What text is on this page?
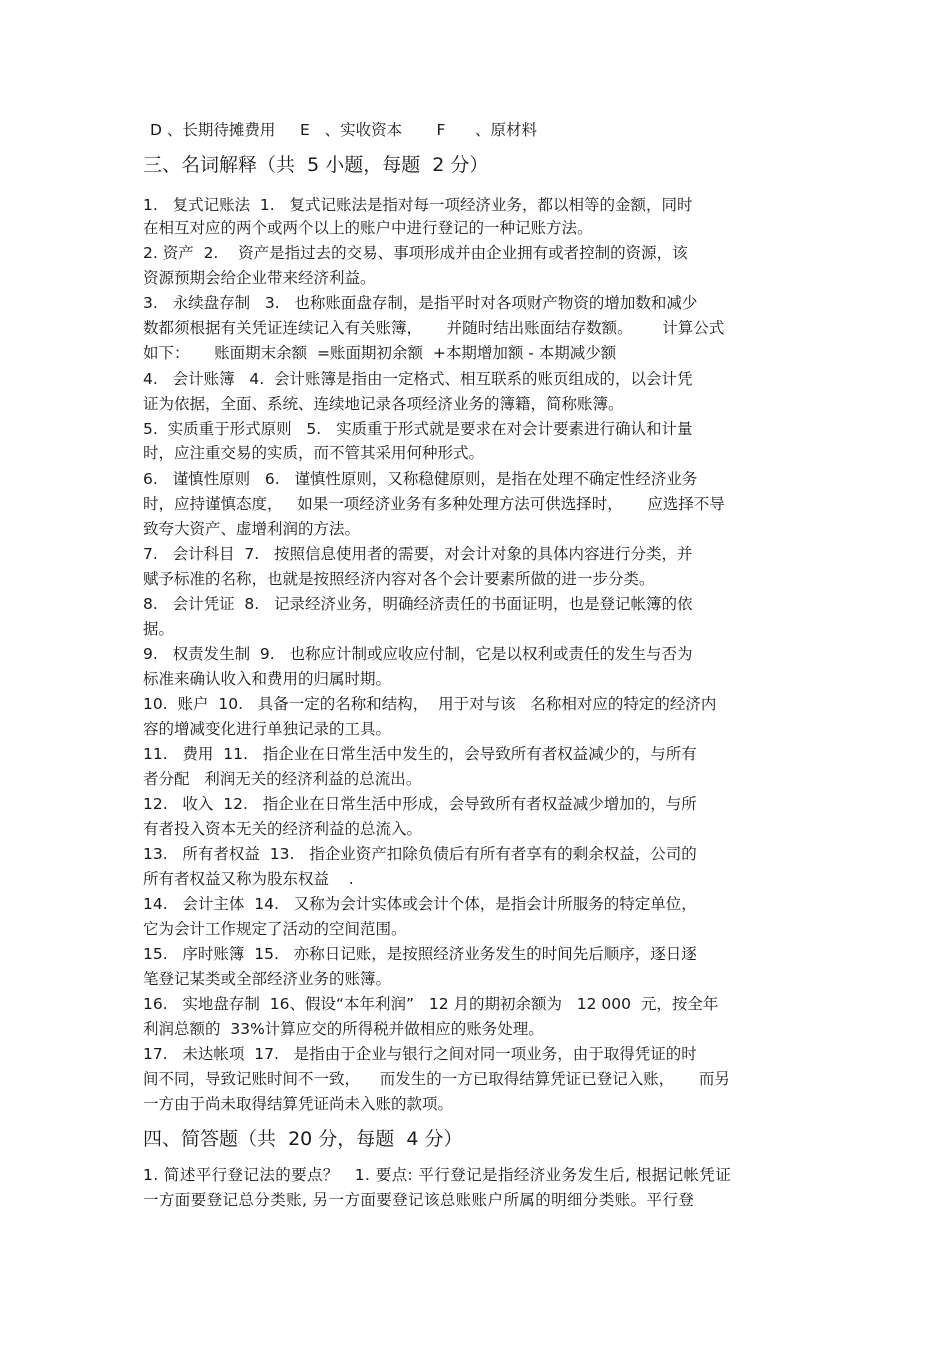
D 、长期待摊费用     E   、实收资本       F      、原材料
三、名词解释（共  5 小题，每题  2 分）
1.   复式记账法  1.   复式记账法是指对每一项经济业务，都以相等的金额，同时
在相互对应的两个或两个以上的账户中进行登记的一种记账方法。
2. 资产  2.    资产是指过去的交易、事项形成并由企业拥有或者控制的资源，该
资源预期会给企业带来经济利益。
3.   永续盘存制   3.   也称账面盘存制，是指平时对各项财产物资的增加数和减少
数都须根据有关凭证连续记入有关账簿，     并随时结出账面结存数额。      计算公式
如下：     账面期末余额  =账面期初余额  +本期增加额 - 本期减少额
4.   会计账簿   4.  会计账簿是指由一定格式、相互联系的账页组成的，以会计凭
证为依据，全面、系统、连续地记录各项经济业务的簿籍，简称账簿。
5.  实质重于形式原则   5.   实质重于形式就是要求在对会计要素进行确认和计量
时，应注重交易的实质，而不管其采用何种形式。
6.   谨慎性原则   6.   谨慎性原则，又称稳健原则，是指在处理不确定性经济业务
时，应持谨慎态度，   如果一项经济业务有多种处理方法可供选择时，     应选择不导
致夸大资产、虚增利润的方法。
7.   会计科目  7.   按照信息使用者的需要，对会计对象的具体内容进行分类，并
赋予标准的名称，也就是按照经济内容对各个会计要素所做的进一步分类。
8.   会计凭证  8.   记录经济业务，明确经济责任的书面证明，也是登记帐簿的依
据。
9.   权责发生制  9.   也称应计制或应收应付制，它是以权利或责任的发生与否为
标准来确认收入和费用的归属时期。
10.  账户  10.   具备一定的名称和结构，  用于对与该   名称相对应的特定的经济内
容的增减变化进行单独记录的工具。
11.   费用  11.   指企业在日常生活中发生的，会导致所有者权益减少的，与所有
者分配   利润无关的经济利益的总流出。
12.   收入  12.   指企业在日常生活中形成，会导致所有者权益减少增加的，与所
有者投入资本无关的经济利益的总流入。
13.   所有者权益  13.   指企业资产扣除负债后有所有者享有的剩余权益，公司的
所有者权益又称为股东权益    .
14.   会计主体  14.   又称为会计实体或会计个体，是指会计所服务的特定单位，
它为会计工作规定了活动的空间范围。
15.   序时账簿  15.   亦称日记账，是按照经济业务发生的时间先后顺序，逐日逐
笔登记某类或全部经济业务的账簿。
16.   实地盘存制  16、假设“本年利润”   12 月的期初余额为   12 000  元，按全年
利润总额的  33%计算应交的所得税并做相应的账务处理。
17.   未达帐项  17.   是指由于企业与银行之间对同一项业务，由于取得凭证的时
间不同，导致记账时间不一致，    而发生的一方已取得结算凭证已登记入账，     而另
一方由于尚未取得结算凭证尚未入账的款项。
四、简答题（共  20 分，每题  4 分）
1. 简述平行登记法的要点？   1. 要点: 平行登记是指经济业务发生后, 根据记帐凭证
一方面要登记总分类账, 另一方面要登记该总账账户所属的明细分类账。平行登
